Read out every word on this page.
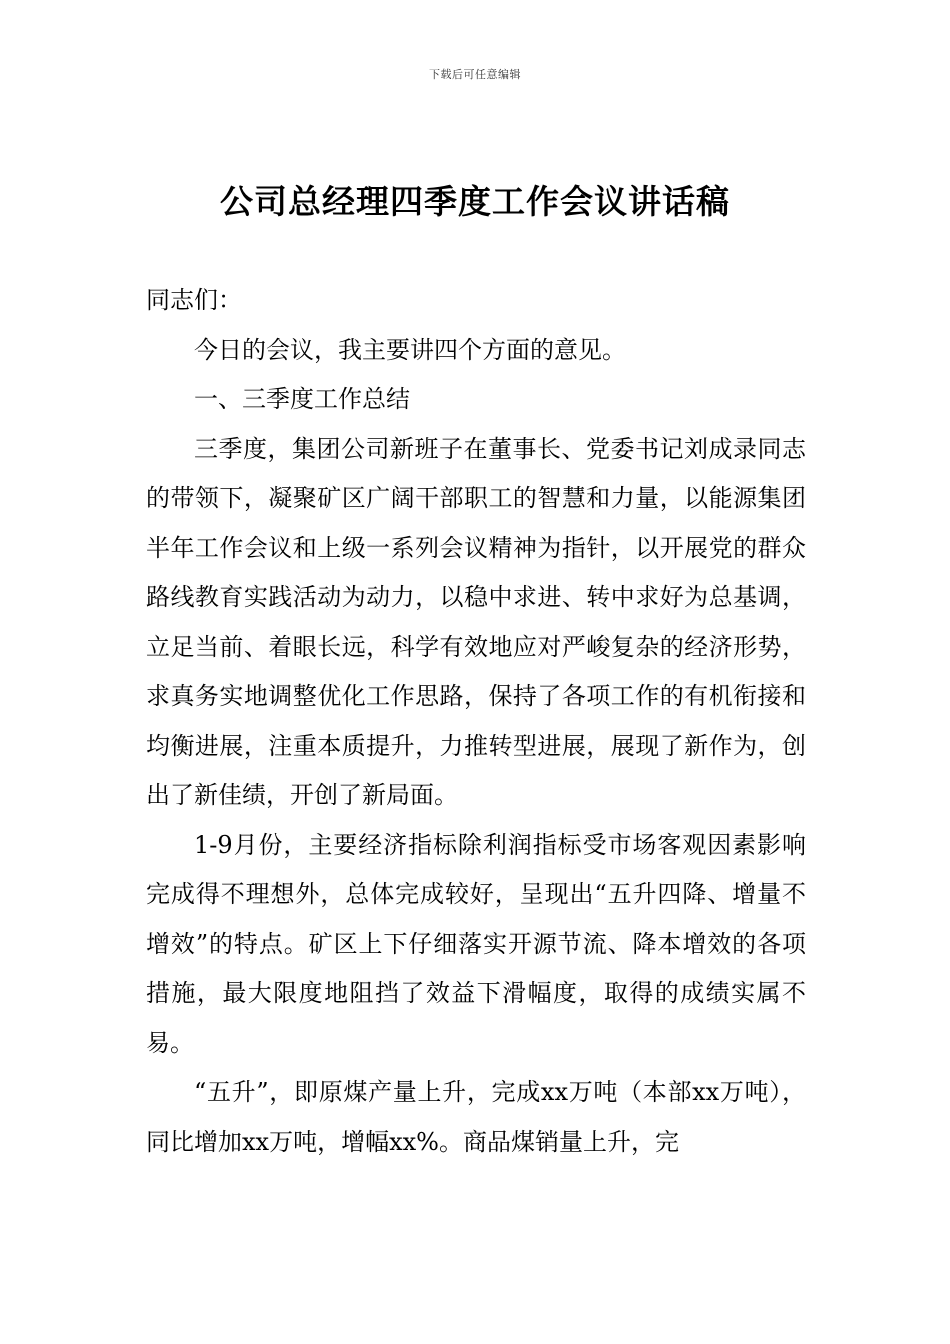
下载后可任意编辑
公司总经理四季度工作会议讲话稿

同志们：

今日的会议，我主要讲四个方面的意见。

一、三季度工作总结

三季度，集团公司新班子在董事长、党委书记刘成录同志的带领下，凝聚矿区广阔干部职工的智慧和力量，以能源集团半年工作会议和上级一系列会议精神为指针，以开展党的群众路线教育实践活动为动力，以稳中求进、转中求好为总基调，立足当前、着眼长远，科学有效地应对严峻复杂的经济形势，求真务实地调整优化工作思路，保持了各项工作的有机衔接和均衡进展，注重本质提升，力推转型进展，展现了新作为，创出了新佳绩，开创了新局面。

1-9月份，主要经济指标除利润指标受市场客观因素影响完成得不理想外，总体完成较好，呈现出“五升四降、增量不增效”的特点。矿区上下仔细落实开源节流、降本增效的各项措施，最大限度地阻挡了效益下滑幅度，取得的成绩实属不易。

“五升”，即原煤产量上升，完成xx万吨（本部xx万吨），同比增加xx万吨，增幅xx%。商品煤销量上升，完
